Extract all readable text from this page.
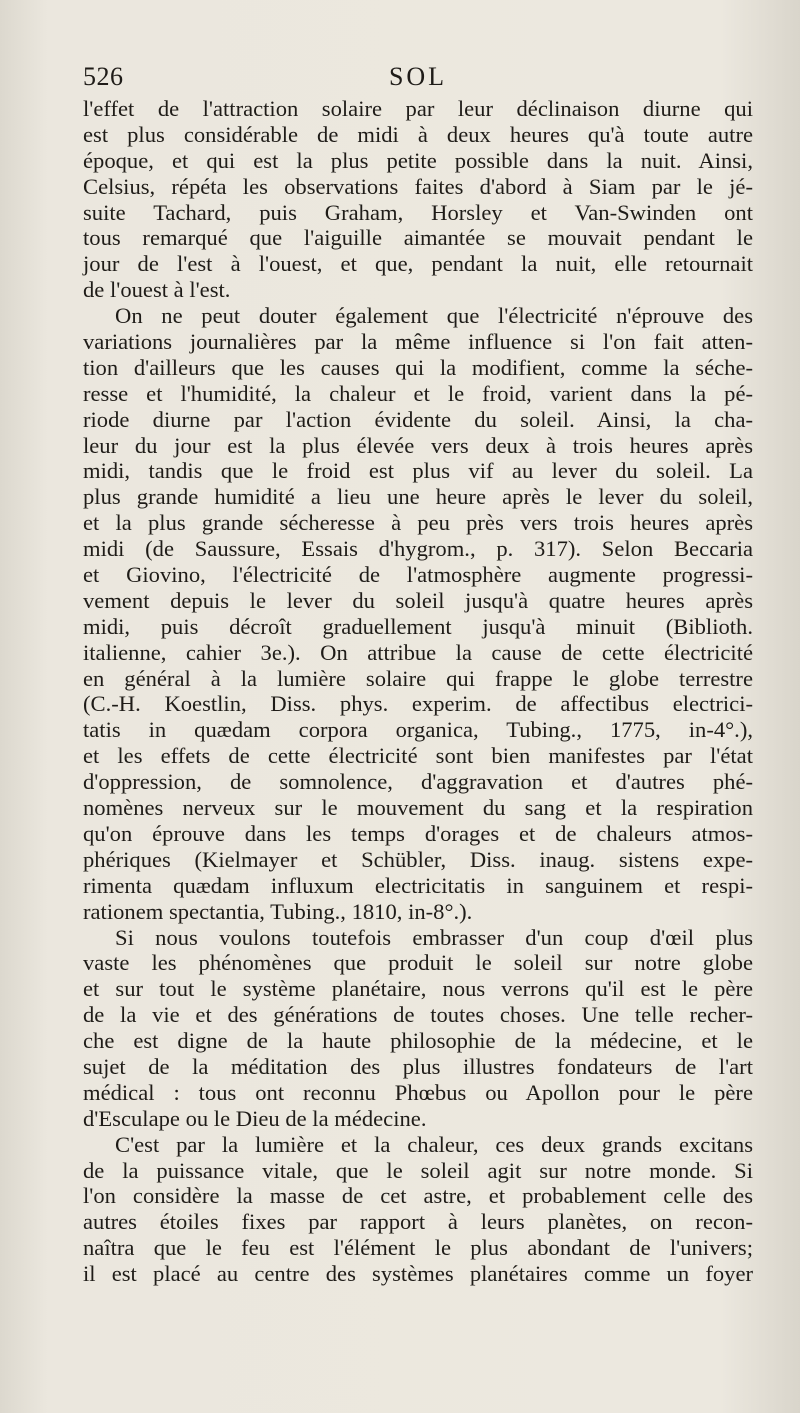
526	SOL
l'effet de l'attraction solaire par leur déclinaison diurne qui
est plus considérable de midi à deux heures qu'à toute autre
époque, et qui est la plus petite possible dans la nuit. Ainsi,
Celsius, répéta les observations faites d'abord à Siam par le jé-
suite Tachard, puis Graham, Horsley et Van-Swinden ont
tous remarqué que l'aiguille aimantée se mouvait pendant le
jour de l'est à l'ouest, et que, pendant la nuit, elle retournait
de l'ouest à l'est.
On ne peut douter également que l'électricité n'éprouve des
variations journalières par la même influence si l'on fait atten-
tion d'ailleurs que les causes qui la modifient, comme la séche-
resse et l'humidité, la chaleur et le froid, varient dans la pé-
riode diurne par l'action évidente du soleil. Ainsi, la cha-
leur du jour est la plus élevée vers deux à trois heures après
midi, tandis que le froid est plus vif au lever du soleil. La
plus grande humidité a lieu une heure après le lever du soleil,
et la plus grande sécheresse à peu près vers trois heures après
midi (de Saussure, Essais d'hygrom., p. 317). Selon Beccaria
et Giovino, l'électricité de l'atmosphère augmente progressi-
vement depuis le lever du soleil jusqu'à quatre heures après
midi, puis décroît graduellement jusqu'à minuit (Biblioth.
italienne, cahier 3e.). On attribue la cause de cette électricité
en général à la lumière solaire qui frappe le globe terrestre
(C.-H. Koestlin, Diss. phys. experim. de affectibus electrici-
tatis in quædam corpora organica, Tubing., 1775, in-4°.),
et les effets de cette électricité sont bien manifestes par l'état
d'oppression, de somnolence, d'aggravation et d'autres phé-
nomènes nerveux sur le mouvement du sang et la respiration
qu'on éprouve dans les temps d'orages et de chaleurs atmos-
phériques (Kielmayer et Schübler, Diss. inaug. sistens expe-
rimenta quædam influxum electricitatis in sanguinem et respi-
rationem spectantia, Tubing., 1810, in-8°.).
Si nous voulons toutefois embrasser d'un coup d'œil plus
vaste les phénomènes que produit le soleil sur notre globe
et sur tout le système planétaire, nous verrons qu'il est le père
de la vie et des générations de toutes choses. Une telle recher-
che est digne de la haute philosophie de la médecine, et le
sujet de la méditation des plus illustres fondateurs de l'art
médical : tous ont reconnu Phœbus ou Apollon pour le père
d'Esculape ou le Dieu de la médecine.
C'est par la lumière et la chaleur, ces deux grands excitans
de la puissance vitale, que le soleil agit sur notre monde. Si
l'on considère la masse de cet astre, et probablement celle des
autres étoiles fixes par rapport à leurs planètes, on recon-
naîtra que le feu est l'élément le plus abondant de l'univers;
il est placé au centre des systèmes planétaires comme un foyer
